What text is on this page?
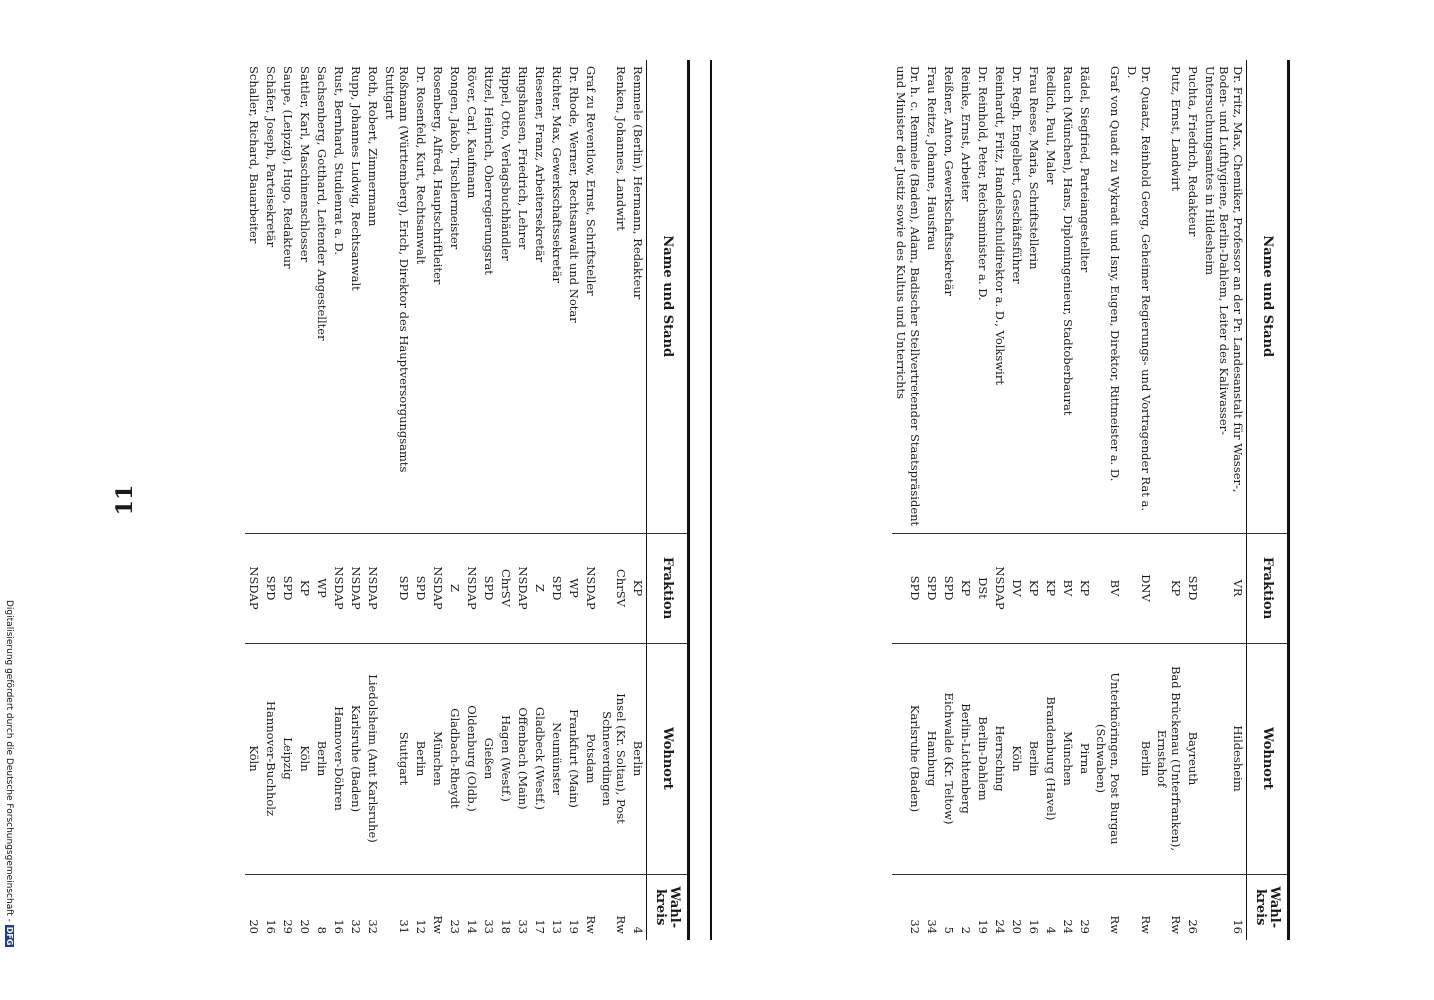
11
Name und Stand	Fraktion	Wohnort	Wahl-
kreis
Dr. Fritz, Max, Chemiker, Professor an der Pr. Landesanstalt für Wasser-, Boden- und Lufthygiene, Berlin-Dahlem, Leiter des Kaliwasser-Untersuchungsamtes in Hildesheim	VR	Hildesheim	16
Puchta, Friedrich, Redakteur	SPD	Bayreuth	26
Putz, Ernst, Landwirt	KP	Bad Brückenau (Unterfranken), Ernstahof	Rw
Dr. Quaatz, Reinhold Georg, Geheimer Regierungs- und Vortragender Rat a. D.	DNV	Berlin	Rw
Graf von Quadt zu Wykradt und Isny, Eugen, Direktor, Rittmeister a. D.	BV	Unterknöringen, Post Burgau (Schwaben)	Rw
Rädel, Siegfried, Parteiangestellter	KP	Pirna	29
Rauch (München), Hans, Diplomingenieur, Stadtoberbaurat	BV	München	24
Redlich, Paul, Maler	KP	Brandenburg (Havel)	4
Frau Reese, Maria, Schriftstellerin	KP	Berlin	16
Dr. Regh, Engelbert, Geschäftsführer	DV	Köln	20
Reinhardt, Fritz, Handelsschuldirektor a. D., Volkswirt	NSDAP	Herrsching	24
Dr. Reinhold, Peter, Reichsminister a. D.	DSt	Berlin-Dahlem	19
Reinke, Ernst, Arbeiter	KP	Berlin-Lichtenberg	2
Reißner, Anton, Gewerkschaftssekretär	SPD	Eichwalde (Kr. Teltow)	5
Frau Reitze, Johanne, Hausfrau	SPD	Hamburg	34
Dr. h. c. Remmele (Baden), Adam, Badischer Stellvertretender Staatspräsident und Minister der Justiz sowie des Kultus und Unterrichts	SPD	Karlsruhe (Baden)	32
Name und Stand	Fraktion	Wohnort	Wahl-
kreis
Remmele (Berlin), Hermann, Redakteur	KP	Berlin	4
Renken, Johannes, Landwirt	ChrSV	Insel (Kr. Soltau), Post Schneverdingen	Rw
Graf zu Reventlow, Ernst, Schriftsteller	NSDAP	Potsdam	Rw
Dr. Rhode, Werner, Rechtsanwalt und Notar	WP	Frankfurt (Main)	19
Richter, Max, Gewerkschaftssekretär	SPD	Neumünster	13
Riesener, Franz, Arbeitersekretär	Z	Gladbeck (Westf.)	17
Ringshausen, Friedrich, Lehrer	NSDAP	Offenbach (Main)	33
Rippel, Otto, Verlagsbuchhändler	ChrSV	Hagen (Westf.)	18
Ritzel, Heinrich, Oberregierungsrat	SPD	Gießen	33
Röver, Carl, Kaufmann	NSDAP	Oldenburg (Oldb.)	14
Rongen, Jakob, Tischlermeister	Z	Gladbach-Rheydt	23
Rosenberg, Alfred, Hauptschriftleiter	NSDAP	München	Rw
Dr. Rosenfeld, Kurt, Rechtsanwalt	SPD	Berlin	12
Roßmann (Württemberg), Erich, Direktor des Hauptversorgungsamts Stuttgart	SPD	Stuttgart	31
Roth, Robert, Zimmermann	NSDAP	Liedolsheim (Amt Karlsruhe)	32
Rupp, Johannes Ludwig, Rechtsanwalt	NSDAP	Karlsruhe (Baden)	32
Rust, Bernhard, Studienrat a. D.	NSDAP	Hannover-Döhren	16
Sachsenberg, Gotthard, Leitender Angestellter	WP	Berlin	8
Sattler, Karl, Maschinenschlosser	KP	Köln	20
Saupe, (Leipzig), Hugo, Redakteur	SPD	Leipzig	29
Schäfer, Joseph, Parteisekretär	SPD	Hannover-Buchholz	16
Schaller, Richard, Bauarbeiter	NSDAP	Köln	20
Digitalisierung gefördert durch die Deutsche Forschungsgemeinschaft - DFG
